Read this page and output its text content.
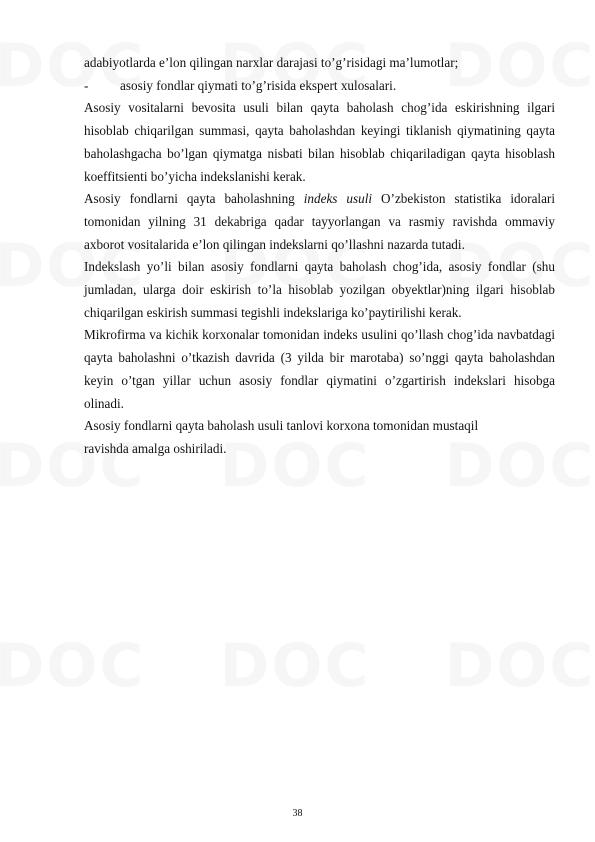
adabiyotlarda e’lon qilingan narxlar darajasi to’g’risidagi ma’lumotlar;

-	asosiy fondlar qiymati to’g’risida ekspert xulosalari.

Asosiy vositalarni bevosita usuli bilan qayta baholash chog’ida eskirishning ilgari hisoblab chiqarilgan summasi, qayta baholashdan keyingi tiklanish qiymatining qayta baholashgacha bo’lgan qiymatga nisbati bilan hisoblab chiqariladigan qayta hisoblash koeffitsienti bo’yicha indekslanishi kerak.

Asosiy fondlarni qayta baholashning indeks usuli O’zbekiston statistika idoralari tomonidan yilning 31 dekabriga qadar tayyorlangan va rasmiy ravishda ommaviy axborot vositalarida e’lon qilingan indekslarni qo’llashni nazarda tutadi.

Indekslash yo’li bilan asosiy fondlarni qayta baholash chog’ida, asosiy fondlar (shu jumladan, ularga doir eskirish to’la hisoblab yozilgan obyektlar)ning ilgari hisoblab chiqarilgan eskirish summasi tegishli indekslariga ko’paytirilishi kerak.

Mikrofirma va kichik korxonalar tomonidan indeks usulini qo’llash chog’ida navbatdagi qayta baholashni o’tkazish davrida (3 yilda bir marotaba) so’nggi qayta baholashdan keyin o’tgan yillar uchun asosiy fondlar qiymatini o’zgartirish indekslari hisobga olinadi.

Asosiy fondlarni qayta baholash usuli tanlovi korxona tomonidan mustaqil

ravishda amalga oshiriladi.

38
